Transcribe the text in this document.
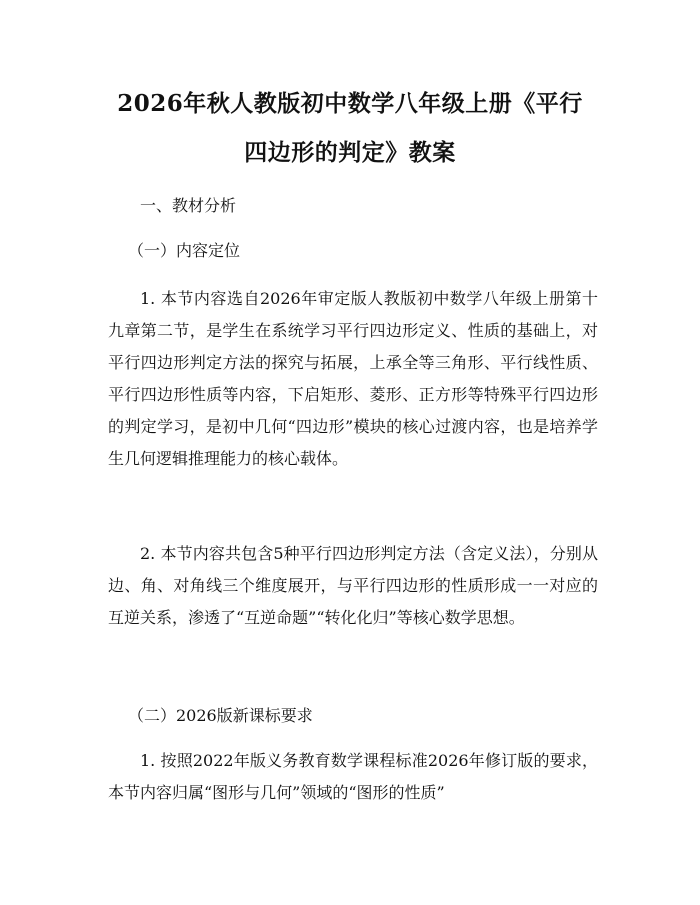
2026年秋人教版初中数学八年级上册《平行
四边形的判定》教案
一、教材分析
（一）内容定位
1. 本节内容选自2026年审定版人教版初中数学八年级上册第十九章第二节，是学生在系统学习平行四边形定义、性质的基础上，对平行四边形判定方法的探究与拓展，上承全等三角形、平行线性质、平行四边形性质等内容，下启矩形、菱形、正方形等特殊平行四边形的判定学习，是初中几何“四边形”模块的核心过渡内容，也是培养学生几何逻辑推理能力的核心载体。
2. 本节内容共包含5种平行四边形判定方法（含定义法），分别从边、角、对角线三个维度展开，与平行四边形的性质形成一一对应的互逆关系，渗透了“互逆命题”“转化化归”等核心数学思想。
（二）2026版新课标要求
1. 按照2022年版义务教育数学课程标准2026年修订版的要求，本节内容归属“图形与几何”领域的“图形的性质”
